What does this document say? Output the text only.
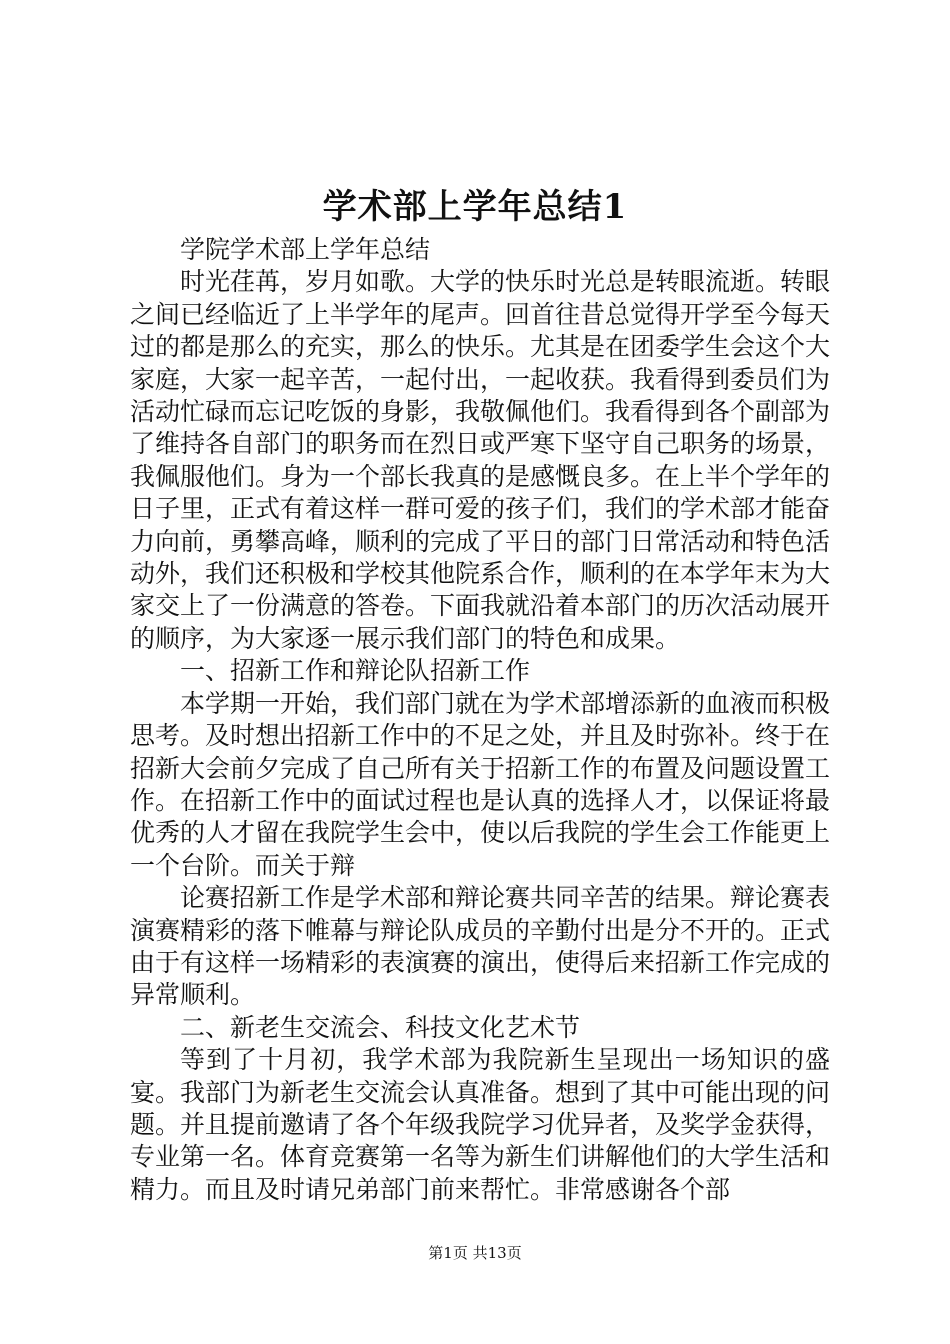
学术部上学年总结1

学院学术部上学年总结

时光荏苒，岁月如歌。大学的快乐时光总是转眼流逝。转眼之间已经临近了上半学年的尾声。回首往昔总觉得开学至今每天过的都是那么的充实，那么的快乐。尤其是在团委学生会这个大家庭，大家一起辛苦，一起付出，一起收获。我看得到委员们为活动忙碌而忘记吃饭的身影，我敬佩他们。我看得到各个副部为了维持各自部门的职务而在烈日或严寒下坚守自己职务的场景，我佩服他们。身为一个部长我真的是感慨良多。在上半个学年的日子里，正式有着这样一群可爱的孩子们，我们的学术部才能奋力向前，勇攀高峰，顺利的完成了平日的部门日常活动和特色活动外，我们还积极和学校其他院系合作，顺利的在本学年末为大家交上了一份满意的答卷。下面我就沿着本部门的历次活动展开的顺序，为大家逐一展示我们部门的特色和成果。

一、招新工作和辩论队招新工作

本学期一开始，我们部门就在为学术部增添新的血液而积极思考。及时想出招新工作中的不足之处，并且及时弥补。终于在招新大会前夕完成了自己所有关于招新工作的布置及问题设置工作。在招新工作中的面试过程也是认真的选择人才，以保证将最优秀的人才留在我院学生会中，使以后我院的学生会工作能更上一个台阶。而关于辩

论赛招新工作是学术部和辩论赛共同辛苦的结果。辩论赛表演赛精彩的落下帷幕与辩论队成员的辛勤付出是分不开的。正式由于有这样一场精彩的表演赛的演出，使得后来招新工作完成的异常顺利。

二、新老生交流会、科技文化艺术节

等到了十月初，我学术部为我院新生呈现出一场知识的盛宴。我部门为新老生交流会认真准备。想到了其中可能出现的问题。并且提前邀请了各个年级我院学习优异者，及奖学金获得，专业第一名。体育竞赛第一名等为新生们讲解他们的大学生活和精力。而且及时请兄弟部门前来帮忙。非常感谢各个部

第1页 共13页
